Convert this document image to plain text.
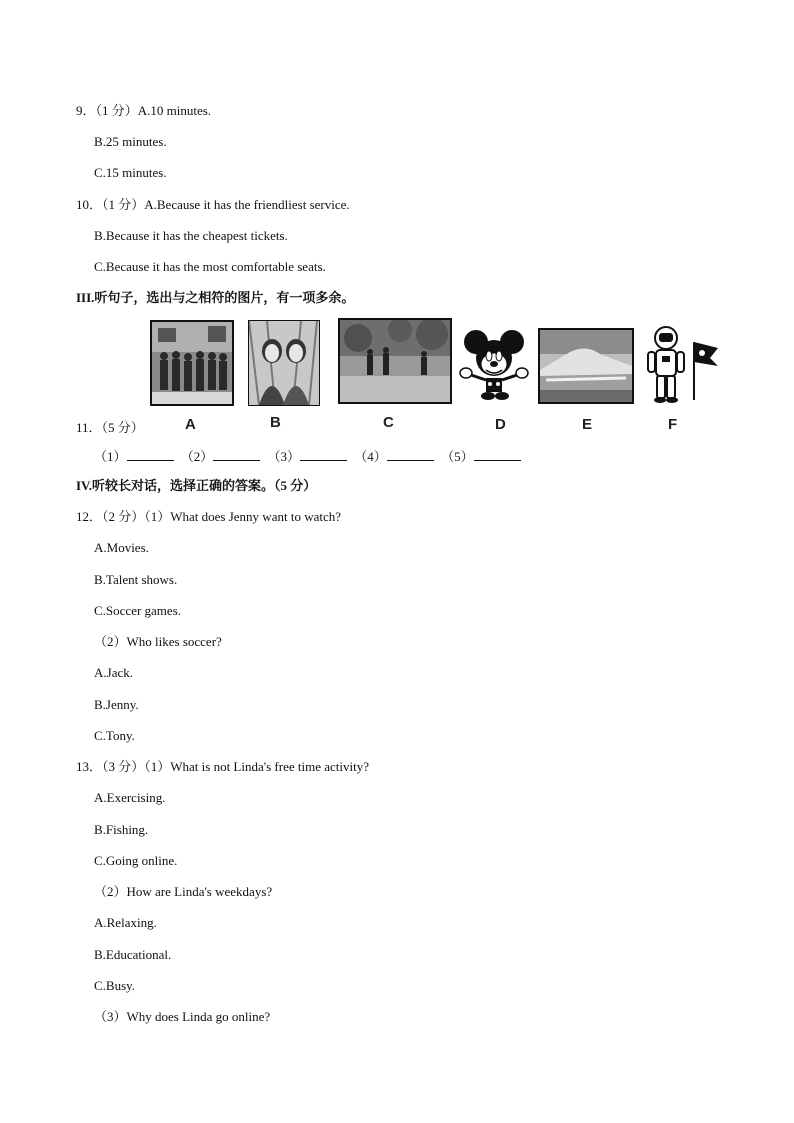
9．（1 分）A.10 minutes.
B.25 minutes.
C.15 minutes.
10．（1 分）A.Because it has the friendliest service.
B.Because it has the cheapest tickets.
C.Because it has the most comfortable seats.
III.听句子，选出与之相符的图片，有一项多余。
A	B	C	D	E	F
11．（5 分）
（1）	（2）	（3）	（4）	（5）
IV.听较长对话，选择正确的答案。（5 分）
12．（2 分）（1）What does Jenny want to watch?
A.Movies.
B.Talent shows.
C.Soccer games.
（2）Who likes soccer?
A.Jack.
B.Jenny.
C.Tony.
13．（3 分）（1）What is not Linda's free time activity?
A.Exercising.
B.Fishing.
C.Going online.
（2）How are Linda's weekdays?
A.Relaxing.
B.Educational.
C.Busy.
（3）Why does Linda go online?
